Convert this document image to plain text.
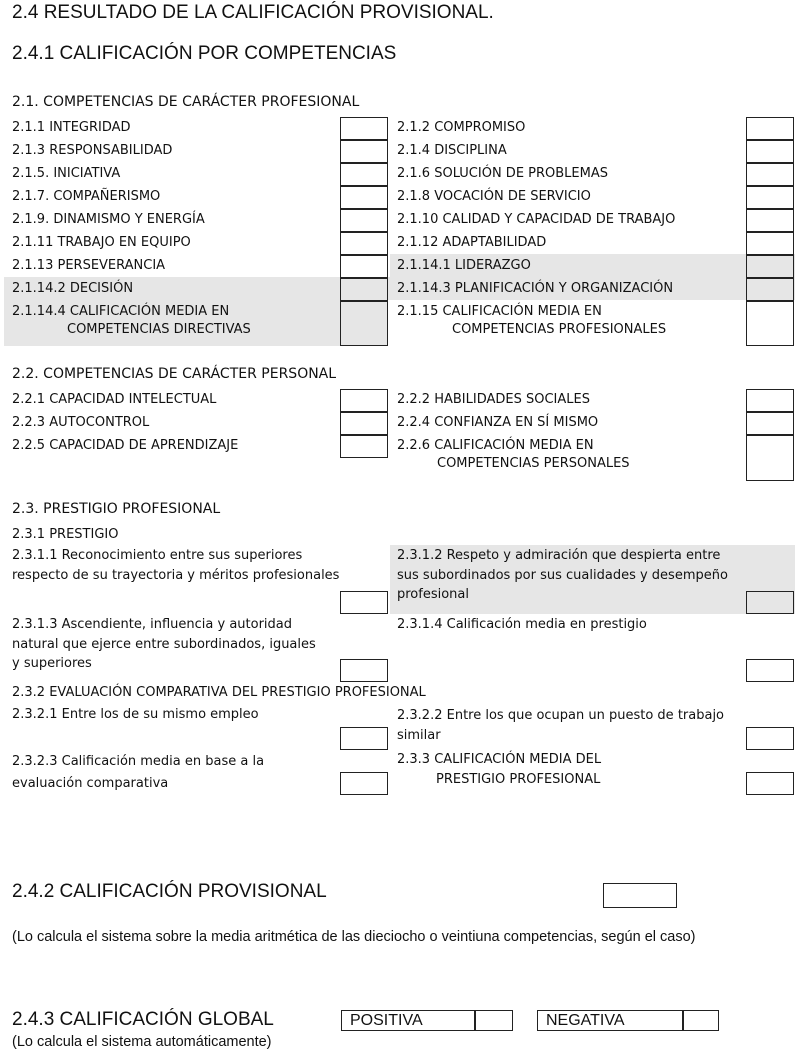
2.4 RESULTADO DE LA CALIFICACIÓN PROVISIONAL.
2.4.1 CALIFICACIÓN POR COMPETENCIAS
2.1. COMPETENCIAS DE CARÁCTER PROFESIONAL
2.1.1 INTEGRIDAD
2.1.3 RESPONSABILIDAD
2.1.5. INICIATIVA
2.1.7. COMPAÑERISMO
2.1.9. DINAMISMO Y ENERGÍA
2.1.11 TRABAJO EN EQUIPO
2.1.13 PERSEVERANCIA
2.1.14.2 DECISIÓN
2.1.14.4 CALIFICACIÓN MEDIA EN
COMPETENCIAS DIRECTIVAS
2.1.2 COMPROMISO
2.1.4 DISCIPLINA
2.1.6 SOLUCIÓN DE PROBLEMAS
2.1.8 VOCACIÓN DE SERVICIO
2.1.10 CALIDAD Y CAPACIDAD DE TRABAJO
2.1.12 ADAPTABILIDAD
2.1.14.1 LIDERAZGO
2.1.14.3 PLANIFICACIÓN Y ORGANIZACIÓN
2.1.15 CALIFICACIÓN MEDIA EN
COMPETENCIAS PROFESIONALES
2.2. COMPETENCIAS DE CARÁCTER PERSONAL
2.2.1 CAPACIDAD INTELECTUAL
2.2.3 AUTOCONTROL
2.2.5 CAPACIDAD DE APRENDIZAJE
2.2.2 HABILIDADES SOCIALES
2.2.4 CONFIANZA EN SÍ MISMO
2.2.6 CALIFICACIÓN MEDIA EN
COMPETENCIAS PERSONALES
2.3. PRESTIGIO PROFESIONAL
2.3.1 PRESTIGIO
2.3.1.1 Reconocimiento entre sus superiores respecto de su trayectoria y méritos profesionales
2.3.1.2 Respeto y admiración que despierta entre sus subordinados por sus cualidades y desempeño profesional
2.3.1.3 Ascendiente, influencia y autoridad natural que ejerce entre subordinados, iguales y superiores
2.3.1.4 Calificación media en prestigio
2.3.2 EVALUACIÓN COMPARATIVA DEL PRESTIGIO PROFESIONAL
2.3.2.1 Entre los de su mismo empleo	2.3.2.2 Entre los que ocupan un puesto de trabajo similar
2.3.2.3 Calificación media en base a la evaluación comparativa
2.3.3 CALIFICACIÓN MEDIA DEL
PRESTIGIO PROFESIONAL
2.4.2 CALIFICACIÓN PROVISIONAL
(Lo calcula el sistema sobre la media aritmética de las dieciocho o veintiuna competencias, según el caso)
2.4.3 CALIFICACIÓN GLOBAL
(Lo calcula el sistema automáticamente)
POSITIVA	NEGATIVA
